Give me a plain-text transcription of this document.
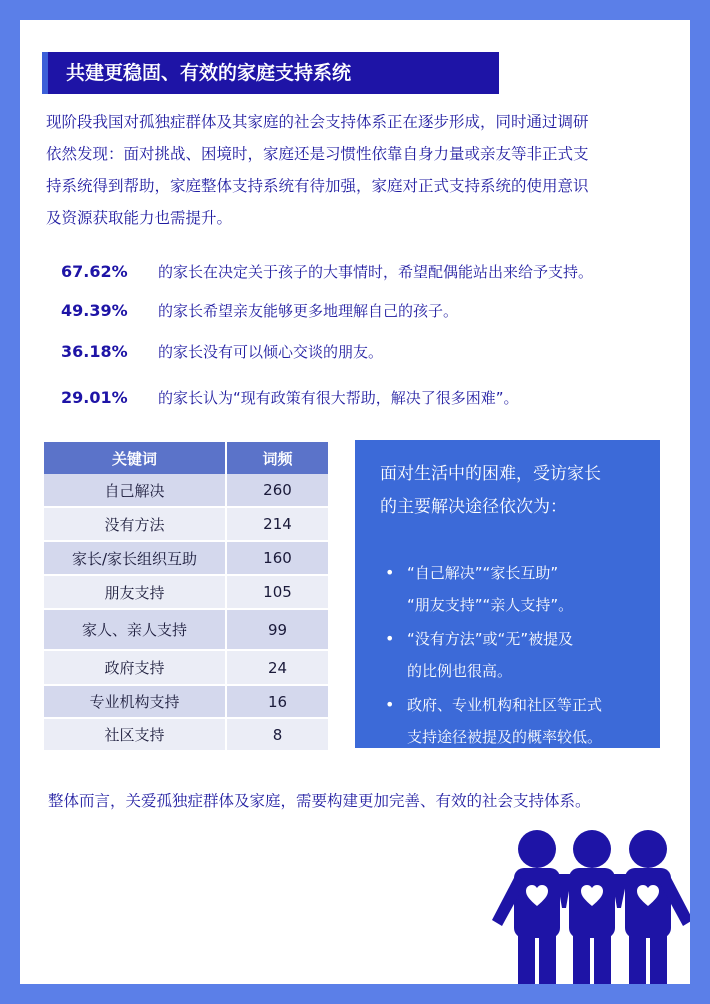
共建更稳固、有效的家庭支持系统
现阶段我国对孤独症群体及其家庭的社会支持体系正在逐步形成，同时通过调研
依然发现：面对挑战、困境时，家庭还是习惯性依靠自身力量或亲友等非正式支
持系统得到帮助，家庭整体支持系统有待加强，家庭对正式支持系统的使用意识
及资源获取能力也需提升。
67.62% 的家长在决定关于孩子的大事情时，希望配偶能站出来给予支持。
49.39% 的家长希望亲友能够更多地理解自己的孩子。
36.18% 的家长没有可以倾心交谈的朋友。
29.01% 的家长认为“现有政策有很大帮助，解决了很多困难”。
关键词	词频
自己解决	260
没有方法	214
家长/家长组织互助	160
朋友支持	105
家人、亲人支持	99
政府支持	24
专业机构支持	16
社区支持	8
面对生活中的困难，受访家长
的主要解决途径依次为：
• “自己解决”“家长互助”
“朋友支持”“亲人支持”。
• “没有方法”或“无”被提及
的比例也很高。
• 政府、专业机构和社区等正式
支持途径被提及的概率较低。
整体而言，关爱孤独症群体及家庭，需要构建更加完善、有效的社会支持体系。
